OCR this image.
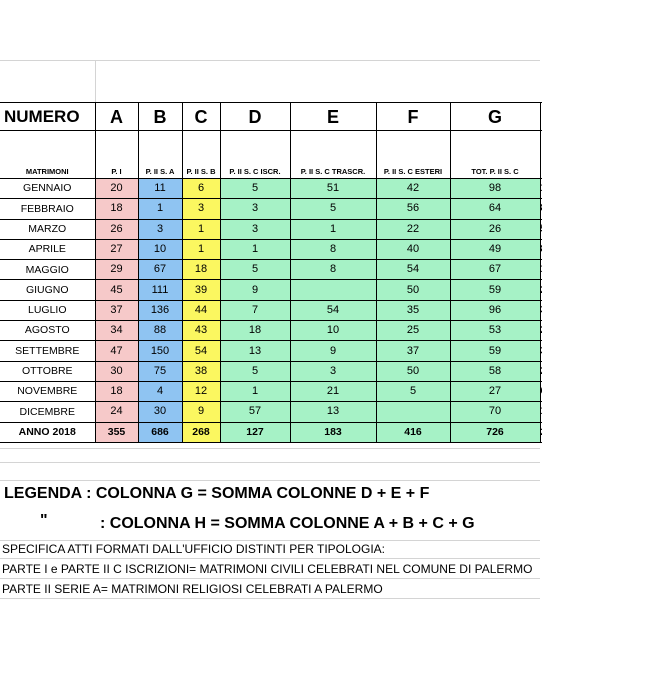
NUMERO	A	B	C	D	E	F	G	
MATRIMONI	P. I	P. II S. A	P. II S. B	P. II S. C ISCR.	P. II S. C TRASCR.	P. II S. C ESTERI	TOT. P. II S. C	
GENNAIO	20	11	6	5	51	42	98	
FEBBRAIO	18	1	3	3	5	56	64	
MARZO	26	3	1	3	1	22	26	
APRILE	27	10	1	1	8	40	49	
MAGGIO	29	67	18	5	8	54	67	
GIUGNO	45	111	39	9		50	59	
LUGLIO	37	136	44	7	54	35	96	
AGOSTO	34	88	43	18	10	25	53	
SETTEMBRE	47	150	54	13	9	37	59	
OTTOBRE	30	75	38	5	3	50	58	
NOVEMBRE	18	4	12	1	21	5	27	
DICEMBRE	24	30	9	57	13		70	
ANNO 2018	355	686	268	127	183	416	726	
LEGENDA : COLONNA G = SOMMA COLONNE D + E + F
"	: COLONNA H = SOMMA COLONNE A + B + C + G
SPECIFICA ATTI FORMATI DALL'UFFICIO DISTINTI PER TIPOLOGIA:
PARTE I e PARTE II C ISCRIZIONI= MATRIMONI CIVILI CELEBRATI NEL COMUNE DI PALERMO
PARTE II SERIE A= MATRIMONI RELIGIOSI CELEBRATI A PALERMO
